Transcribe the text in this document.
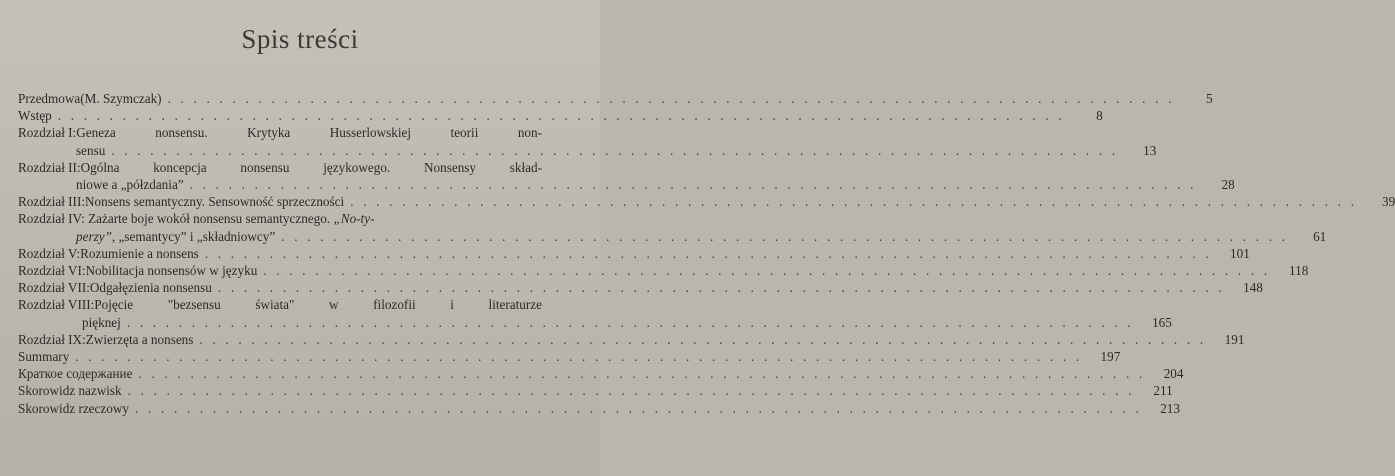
Spis treści
Przedmowa (M. Szymczak) . . . . . . . . . . . . . . . . . . . . . . . . . . . . . . . . . . . . . . . . . . . . . . . . . . . . . . . . . . . . . . . . . . . . . . . . . . . . . .	5
Wstęp . . . . . . . . . . . . . . . . . . . . . . . . . . . . . . . . . . . . . . . . . . . . . . . . . . . . . . . . . . . . . . . . . . . . . . . . . . . . . .	8
Rozdział I: Geneza nonsensu. Krytyka Husserlowskiej teorii non-
sensu . . . . . . . . . . . . . . . . . . . . . . . . . . . . . . . . . . . . . . . . . . . . . . . . . . . . . . . . . . . . . . . . . . . . . . . . . . . . . .	13
Rozdział II: Ogólna koncepcja nonsensu językowego. Nonsensy skład-
niowe a „półzdania” . . . . . . . . . . . . . . . . . . . . . . . . . . . . . . . . . . . . . . . . . . . . . . . . . . . . . . . . . . . . . . . . . . . . . . . . . . . . . .	28
Rozdział III: Nonsens semantyczny. Sensowność sprzeczności . . . . . . . . . . . . . . . . . . . . . . . . . . . . . . . . . . . . . . . . . . . . . . . . . . . . . . . . . . . . . . . . . . . . . . . . . . . . . .	39
Rozdział IV: Zażarte boje wokół nonsensu semantycznego. „No-ty-
perzy” , „semantycy” i „składniowcy” . . . . . . . . . . . . . . . . . . . . . . . . . . . . . . . . . . . . . . . . . . . . . . . . . . . . . . . . . . . . . . . . . . . . . . . . . . . . . .	61
Rozdział V: Rozumienie a nonsens . . . . . . . . . . . . . . . . . . . . . . . . . . . . . . . . . . . . . . . . . . . . . . . . . . . . . . . . . . . . . . . . . . . . . . . . . . . . . .	101
Rozdział VI: Nobilitacja nonsensów w języku . . . . . . . . . . . . . . . . . . . . . . . . . . . . . . . . . . . . . . . . . . . . . . . . . . . . . . . . . . . . . . . . . . . . . . . . . . . . . .	118
Rozdział VII: Odgałęzienia nonsensu . . . . . . . . . . . . . . . . . . . . . . . . . . . . . . . . . . . . . . . . . . . . . . . . . . . . . . . . . . . . . . . . . . . . . . . . . . . . . .	148
Rozdział VIII: Pojęcie "bezsensu świata" w filozofii i literaturze
pięknej . . . . . . . . . . . . . . . . . . . . . . . . . . . . . . . . . . . . . . . . . . . . . . . . . . . . . . . . . . . . . . . . . . . . . . . . . . . . . .	165
Rozdział IX: Zwierzęta a nonsens . . . . . . . . . . . . . . . . . . . . . . . . . . . . . . . . . . . . . . . . . . . . . . . . . . . . . . . . . . . . . . . . . . . . . . . . . . . . . .	191
Summary . . . . . . . . . . . . . . . . . . . . . . . . . . . . . . . . . . . . . . . . . . . . . . . . . . . . . . . . . . . . . . . . . . . . . . . . . . . . . .	197
Краткое содержание . . . . . . . . . . . . . . . . . . . . . . . . . . . . . . . . . . . . . . . . . . . . . . . . . . . . . . . . . . . . . . . . . . . . . . . . . . . . . .	204
Skorowidz nazwisk . . . . . . . . . . . . . . . . . . . . . . . . . . . . . . . . . . . . . . . . . . . . . . . . . . . . . . . . . . . . . . . . . . . . . . . . . . . . . .	211
Skorowidz rzeczowy . . . . . . . . . . . . . . . . . . . . . . . . . . . . . . . . . . . . . . . . . . . . . . . . . . . . . . . . . . . . . . . . . . . . . . . . . . . . . .	213
